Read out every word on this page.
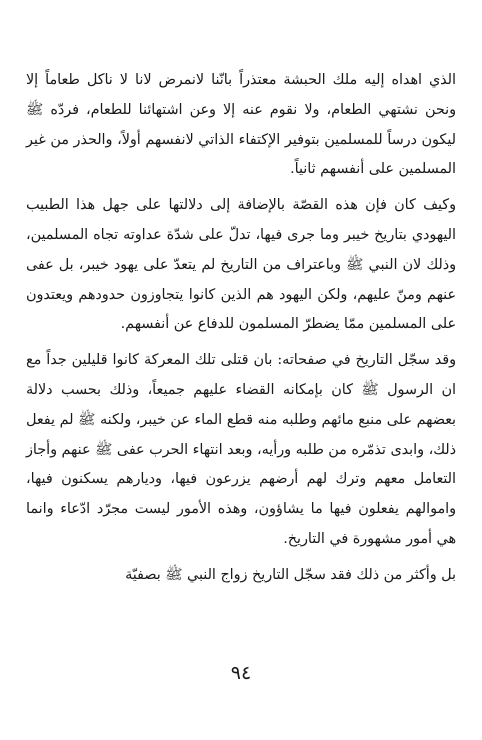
الذي اهداه إليه ملك الحبشة معتذراً بانّنا لانمرض لانا لا ناكل طعاماً إلا ونحن نشتهي الطعام، ولا نقوم عنه إلا وعن اشتهائنا للطعام، فردّه ﷺ ليكون درساً للمسلمين بتوفير الإكتفاء الذاتي لانفسهم أولاً، والحذر من غير المسلمين على أنفسهم ثانياً.

وكيف كان فإن هذه القصّة بالإضافة إلى دلالتها على جهل هذا الطبيب اليهودي بتاريخ خيبر وما جرى فيها، تدلّ على شدّة عداوته تجاه المسلمين، وذلك لان النبي ﷺ وباعتراف من التاريخ لم يتعدّ على يهود خيبر، بل عفى عنهم ومنّ عليهم، ولكن اليهود هم الذين كانوا يتجاوزون حدودهم ويعتدون على المسلمين ممّا يضطرّ المسلمون للدفاع عن أنفسهم.

وقد سجّل التاريخ في صفحاته: بان قتلى تلك المعركة كانوا قليلين جداً مع ان الرسول ﷺ كان بإمكانه القضاء عليهم جميعاً، وذلك بحسب دلالة بعضهم على منبع مائهم وطلبه منه قطع الماء عن خيبر، ولكنه ﷺ لم يفعل ذلك، وابدى تذمّره من طلبه ورأيه، وبعد انتهاء الحرب عفى ﷺ عنهم وأجاز التعامل معهم وترك لهم أرضهم يزرعون فيها، وديارهم يسكنون فيها، واموالهم يفعلون فيها ما يشاؤون، وهذه الأمور ليست مجرّد ادّعاء وانما هي أمور مشهورة في التاريخ.

بل وأكثر من ذلك فقد سجّل التاريخ زواج النبي ﷺ بصفيّة

٩٤
